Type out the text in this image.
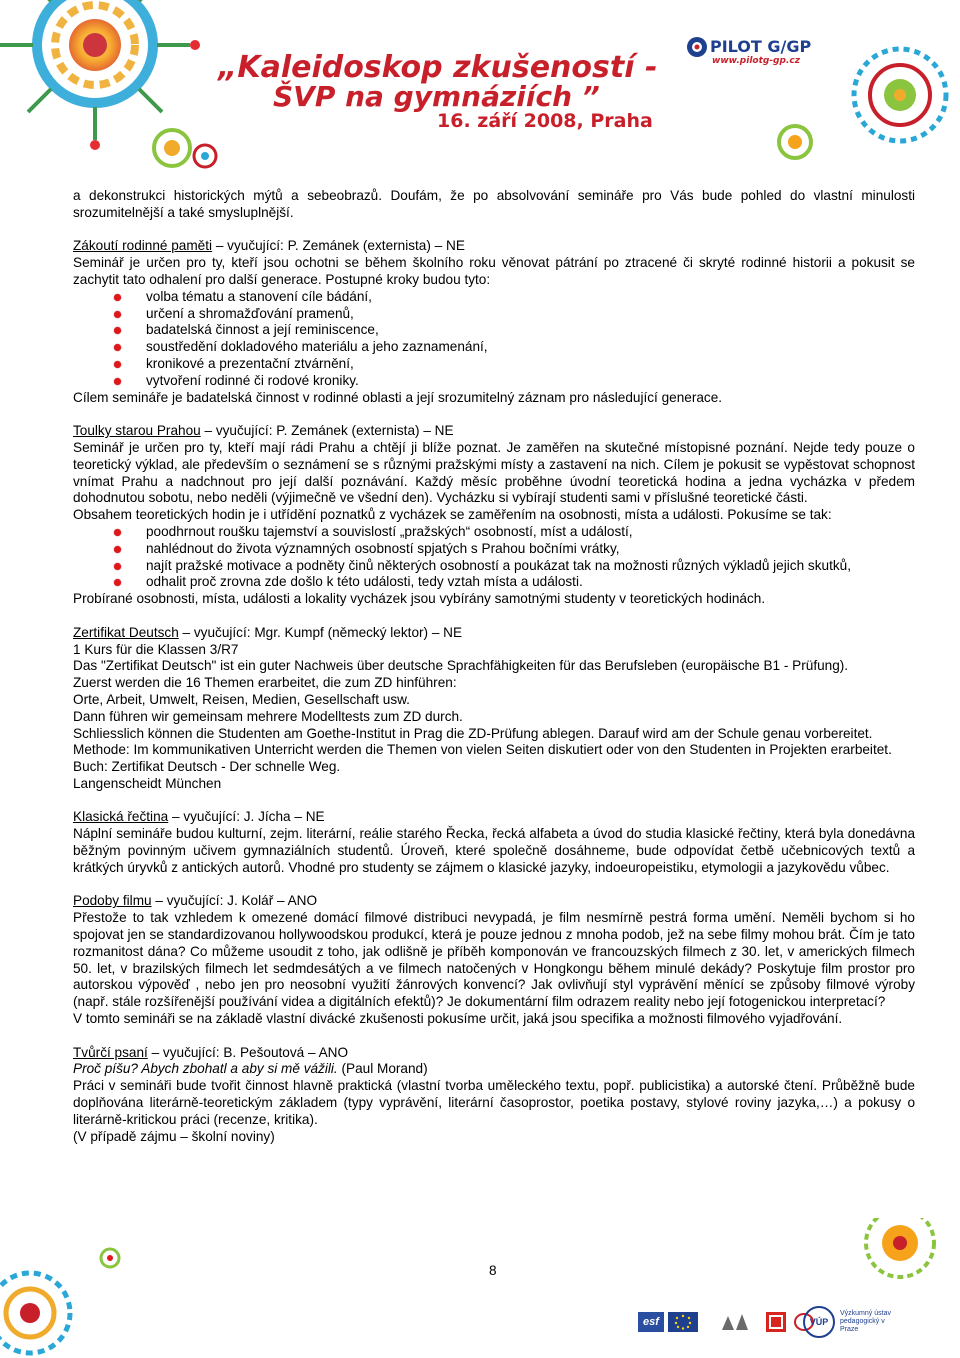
„Kaleidoskop zkušeností -
ŠVP na gymnáziích ”
16. září 2008, Praha
PILOT G/GP
www.pilotg-gp.cz

a dekonstrukci historických mýtů a sebeobrazů. Doufám, že po absolvování semináře pro Vás bude pohled do vlastní minulosti srozumitelnější a také smysluplnější.

Zákoutí rodinné paměti – vyučující: P. Zemánek (externista) – NE

Seminář je určen pro ty, kteří jsou ochotni se během školního roku věnovat pátrání po ztracené či skryté rodinné historii a pokusit se zachytit tato odhalení pro další generace. Postupné kroky budou tyto:

volba tématu a stanovení cíle bádání,
určení a shromažďování pramenů,
badatelská činnost a její reminiscence,
soustředění dokladového materiálu a jeho zaznamenání,
kronikové a prezentační ztvárnění,
vytvoření rodinné či rodové kroniky.

Cílem semináře je badatelská činnost v rodinné oblasti a její srozumitelný záznam pro následující generace.

Toulky starou Prahou – vyučující: P. Zemánek (externista) – NE

Seminář je určen pro ty, kteří mají rádi Prahu a chtějí ji blíže poznat. Je zaměřen na skutečné místopisné poznání. Nejde tedy pouze o teoretický výklad, ale především o seznámení se s různými pražskými místy a zastavení na nich. Cílem je pokusit se vypěstovat schopnost vnímat Prahu a nadchnout pro její další poznávání. Každý měsíc proběhne úvodní teoretická hodina a jedna vycházka v předem dohodnutou sobotu, nebo neděli (výjimečně ve všední den). Vycházku si vybírají studenti sami v příslušné teoretické části.

Obsahem teoretických hodin je i utřídění poznatků z vycházek se zaměřením na osobnosti, místa a události. Pokusíme se tak:

poodhrnout roušku tajemství a souvislostí „pražských“ osobností, míst a událostí,
nahlédnout do života významných osobností spjatých s Prahou bočními vrátky,
najít pražské motivace a podněty činů některých osobností a poukázat tak na možnosti různých výkladů jejich skutků,
odhalit proč zrovna zde došlo k této události, tedy vztah místa a události.

Probírané osobnosti, místa, události a lokality vycházek jsou vybírány samotnými studenty v teoretických hodinách.

Zertifikat Deutsch – vyučující: Mgr. Kumpf (německý lektor) – NE

1 Kurs für die Klassen 3/R7

Das "Zertifikat Deutsch" ist ein guter Nachweis über deutsche Sprachfähigkeiten für das Berufsleben (europäische B1 - Prüfung).

Zuerst werden die 16 Themen erarbeitet, die zum ZD hinführen:

Orte, Arbeit, Umwelt, Reisen, Medien, Gesellschaft usw.

Dann führen wir gemeinsam mehrere Modelltests zum ZD durch.

Schliesslich können die Studenten am Goethe-Institut in Prag die ZD-Prüfung ablegen. Darauf wird am der Schule genau vorbereitet.

Methode: Im kommunikativen Unterricht werden die Themen von vielen Seiten diskutiert oder von den Studenten in Projekten erarbeitet.

Buch: Zertifikat Deutsch - Der schnelle Weg.

Langenscheidt München

Klasická řečtina – vyučující: J. Jícha – NE

Náplní semináře budou kulturní, zejm. literární, reálie starého Řecka, řecká alfabeta a úvod do studia klasické řečtiny, která byla donedávna běžným povinným učivem gymnaziálních studentů. Úroveň, které společně dosáhneme, bude odpovídat četbě učebnicových textů a krátkých úryvků z antických autorů. Vhodné pro studenty se zájmem o klasické jazyky, indoeuropeistiku, etymologii a jazykovědu vůbec.

Podoby filmu – vyučující: J. Kolář – ANO

Přestože to tak vzhledem k omezené domácí filmové distribuci nevypadá, je film nesmírně pestrá forma umění. Neměli bychom si ho spojovat jen se standardizovanou hollywoodskou produkcí, která je pouze jednou z mnoha podob, jež na sebe filmy mohou brát. Čím je tato rozmanitost dána? Co můžeme usoudit z toho, jak odlišně je příběh komponován ve francouzských filmech z 30. let, v amerických filmech 50. let, v brazilských filmech let sedmdesátých a ve filmech natočených v Hongkongu během minulé dekády? Poskytuje film prostor pro autorskou výpověď , nebo jen pro neosobní využití žánrových konvencí? Jak ovlivňují styl vyprávění měnící se způsoby filmové výroby (např. stále rozšířenější používání videa a digitálních efektů)? Je dokumentární film odrazem reality nebo její fotogenickou interpretací?

V tomto semináři se na základě vlastní divácké zkušenosti pokusíme určit, jaká jsou specifika a možnosti filmového vyjadřování.

Tvůrčí psaní – vyučující: B. Pešoutová – ANO

Proč píšu? Abych zbohatl a aby si mě vážili. (Paul Morand)

Práci v semináři bude tvořit činnost hlavně praktická (vlastní tvorba uměleckého textu, popř. publicistika) a autorské čtení. Průběžně bude doplňována literárně-teoretickým základem (typy vyprávění, literární časoprostor, poetika postavy, stylové roviny jazyka,…) a pokusy o literárně-kritickou práci (recenze, kritika).

(V případě zájmu – školní noviny)

8
esf	VÚP
Výzkumný ústav pedagogický v Praze
